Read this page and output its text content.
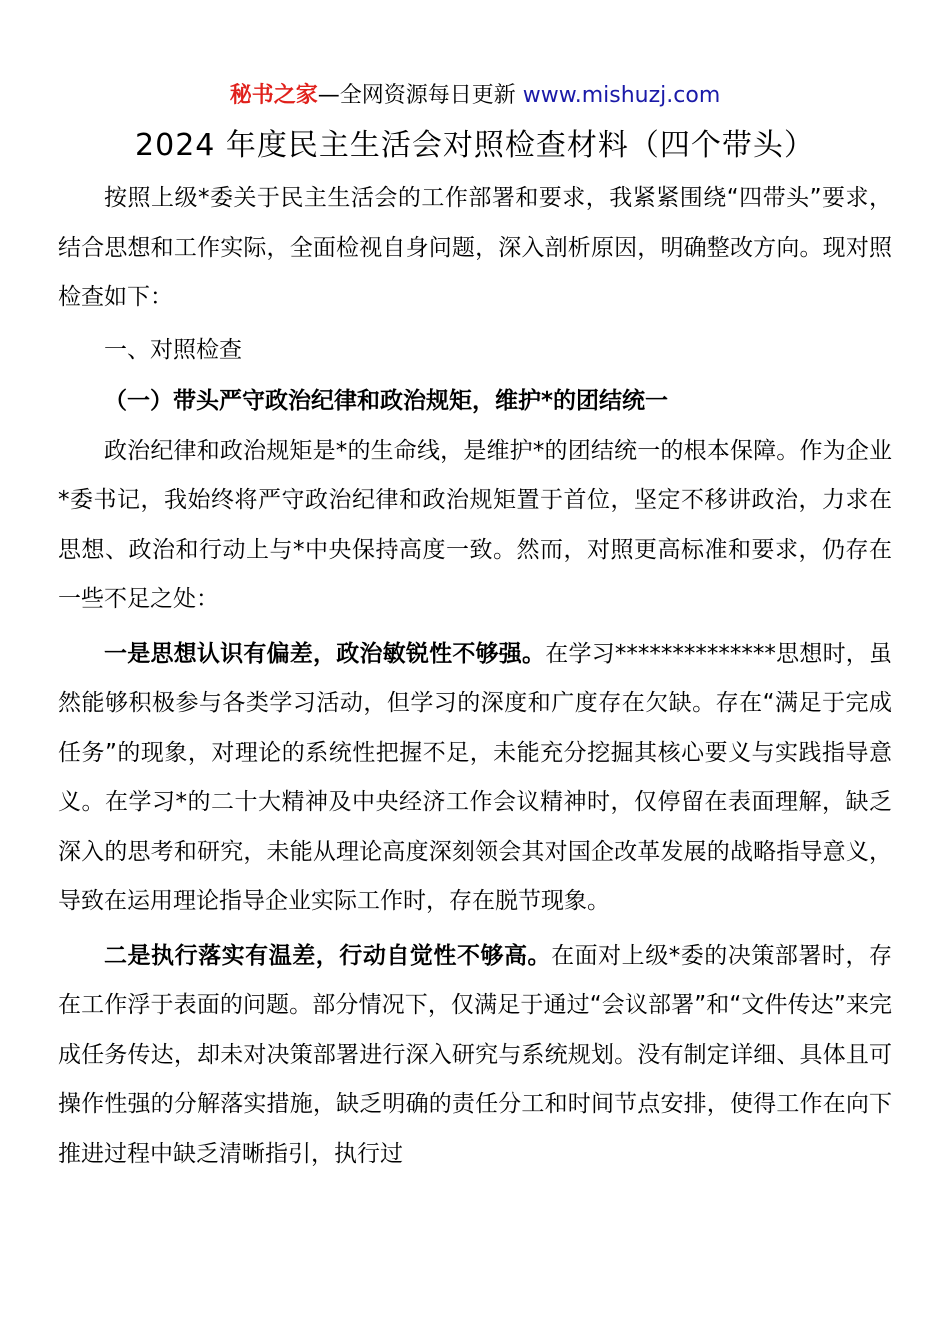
秘书之家—全网资源每日更新 www.mishuzj.com
2024 年度民主生活会对照检查材料（四个带头）

按照上级*委关于民主生活会的工作部署和要求，我紧紧围绕“四带头”要求，结合思想和工作实际，全面检视自身问题，深入剖析原因，明确整改方向。现对照检查如下：

一、对照检查

（一）带头严守政治纪律和政治规矩，维护*的团结统一

政治纪律和政治规矩是*的生命线，是维护*的团结统一的根本保障。作为企业*委书记，我始终将严守政治纪律和政治规矩置于首位，坚定不移讲政治，力求在思想、政治和行动上与*中央保持高度一致。然而，对照更高标准和要求，仍存在一些不足之处：

一是思想认识有偏差，政治敏锐性不够强。在学习**************思想时，虽然能够积极参与各类学习活动，但学习的深度和广度存在欠缺。存在“满足于完成任务”的现象，对理论的系统性把握不足，未能充分挖掘其核心要义与实践指导意义。在学习*的二十大精神及中央经济工作会议精神时，仅停留在表面理解，缺乏深入的思考和研究，未能从理论高度深刻领会其对国企改革发展的战略指导意义，导致在运用理论指导企业实际工作时，存在脱节现象。

二是执行落实有温差，行动自觉性不够高。在面对上级*委的决策部署时，存在工作浮于表面的问题。部分情况下，仅满足于通过“会议部署”和“文件传达”来完成任务传达，却未对决策部署进行深入研究与系统规划。没有制定详细、具体且可操作性强的分解落实措施，缺乏明确的责任分工和时间节点安排，使得工作在向下推进过程中缺乏清晰指引，执行过
